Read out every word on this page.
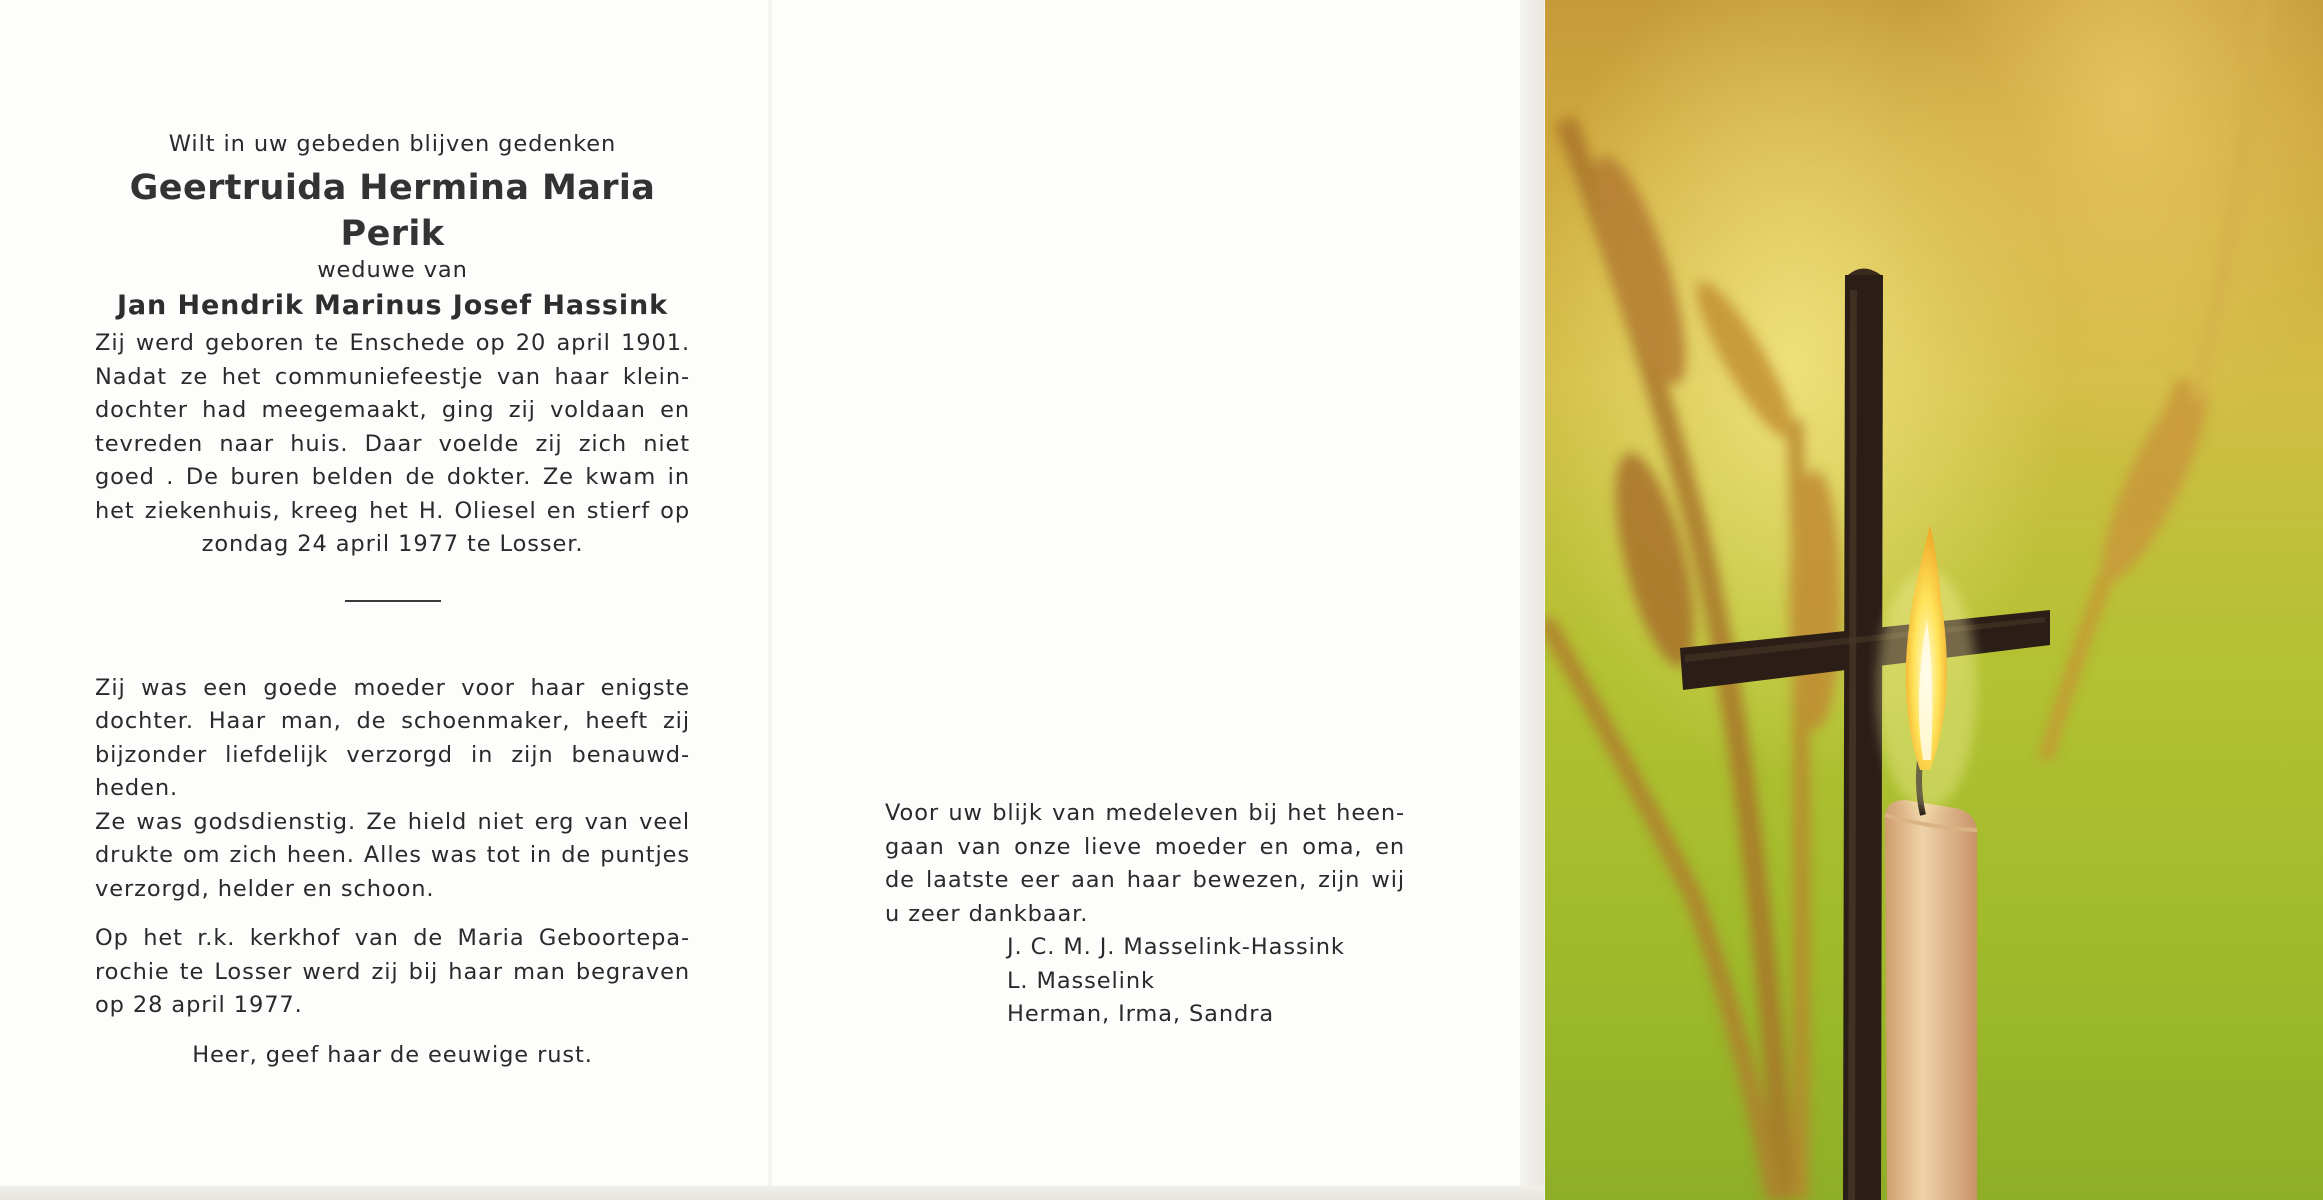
Wilt in uw gebeden blijven gedenken
Geertruida Hermina Maria Perik
weduwe van
Jan Hendrik Marinus Josef Hassink
Zij werd geboren te Enschede op 20 april 1901.
Nadat ze het communiefeestje van haar klein-
dochter had meegemaakt, ging zij voldaan en
tevreden naar huis. Daar voelde zij zich niet
goed . De buren belden de dokter. Ze kwam in
het ziekenhuis, kreeg het H. Oliesel en stierf op
zondag 24 april 1977 te Losser.
Zij was een goede moeder voor haar enigste
dochter. Haar man, de schoenmaker, heeft zij
bijzonder liefdelijk verzorgd in zijn benauwd-
heden.
Ze was godsdienstig. Ze hield niet erg van veel
drukte om zich heen. Alles was tot in de puntjes
verzorgd, helder en schoon.
Op het r.k. kerkhof van de Maria Geboortepa-
rochie te Losser werd zij bij haar man begraven
op 28 april 1977.
Heer, geef haar de eeuwige rust.
Voor uw blijk van medeleven bij het heen-
gaan van onze lieve moeder en oma, en
de laatste eer aan haar bewezen, zijn wij
u zeer dankbaar.
J. C. M. J. Masselink-Hassink
L. Masselink
Herman, Irma, Sandra
